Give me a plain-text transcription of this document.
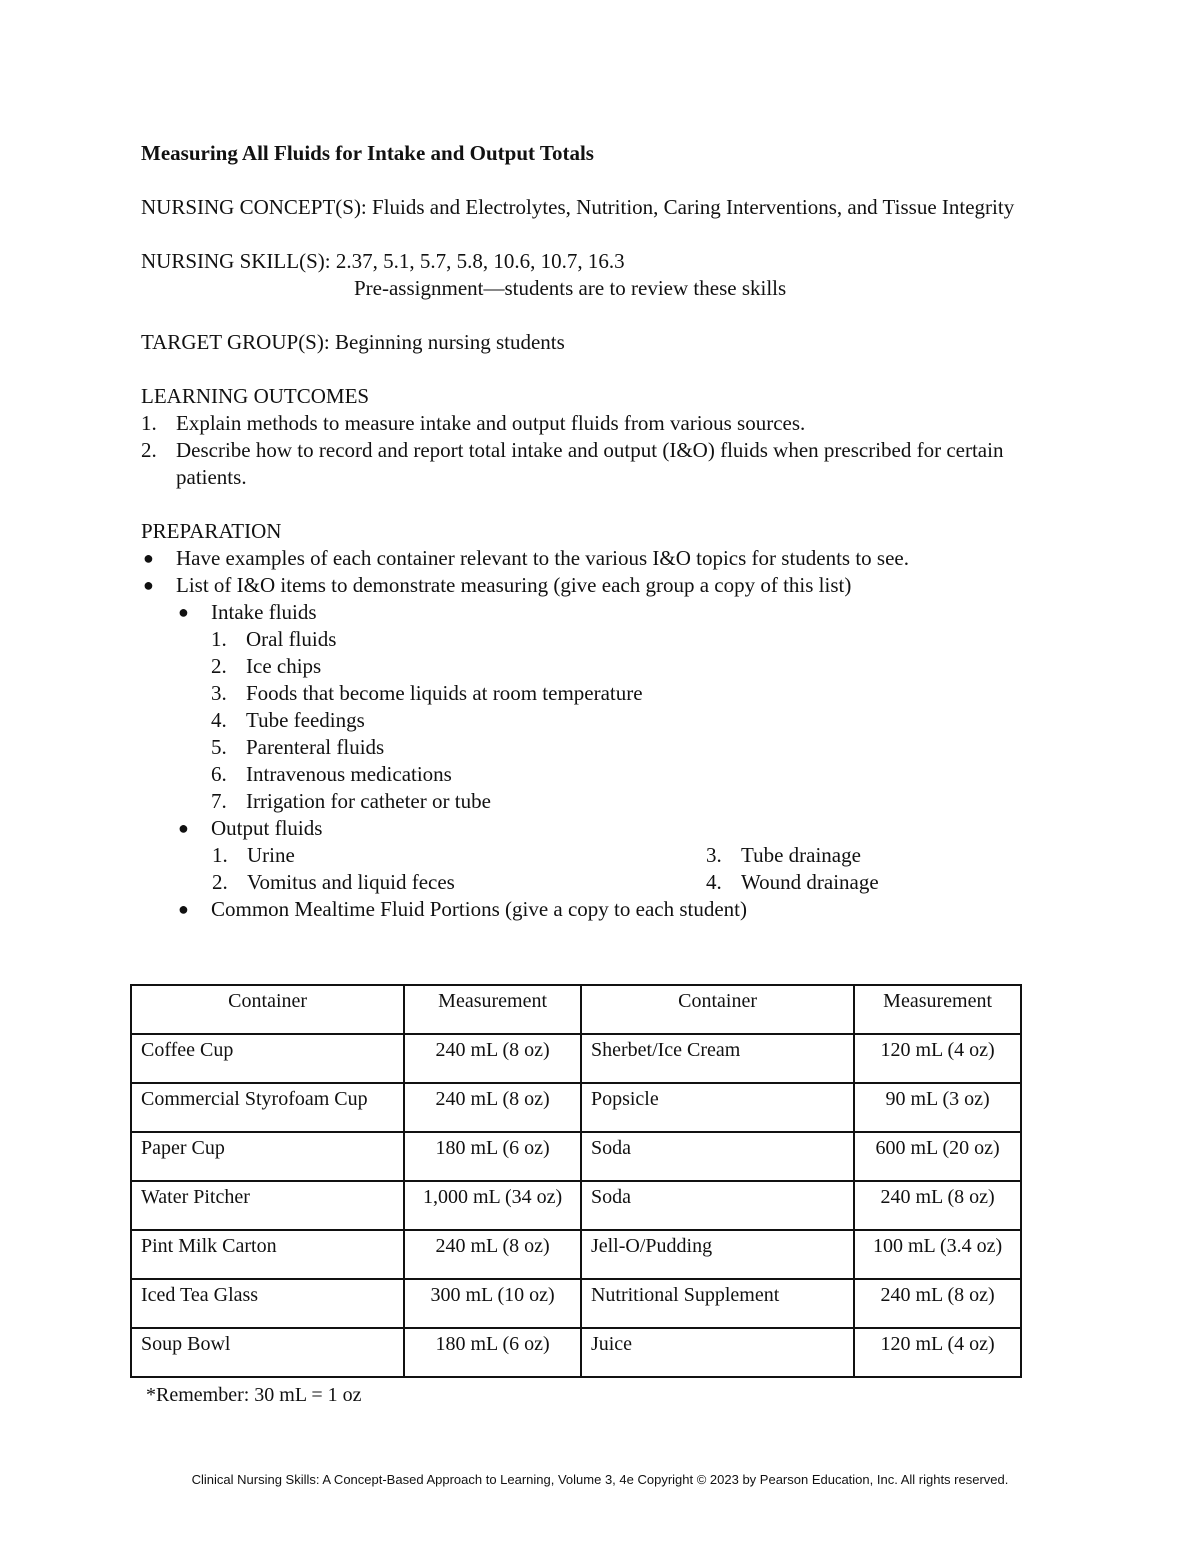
Measuring All Fluids for Intake and Output Totals

NURSING CONCEPT(S): Fluids and Electrolytes, Nutrition, Caring Interventions, and Tissue Integrity

NURSING SKILL(S): 2.37, 5.1, 5.7, 5.8, 10.6, 10.7, 16.3

Pre-assignment—students are to review these skills

TARGET GROUP(S): Beginning nursing students

LEARNING OUTCOMES

1. Explain methods to measure intake and output fluids from various sources.
2. Describe how to record and report total intake and output (I&O) fluids when prescribed for certain patients.

PREPARATION

● Have examples of each container relevant to the various I&O topics for students to see.
● List of I&O items to demonstrate measuring (give each group a copy of this list)
● Intake fluids
1. Oral fluids
2. Ice chips
3. Foods that become liquids at room temperature
4. Tube feedings
5. Parenteral fluids
6. Intravenous medications
7. Irrigation for catheter or tube
● Output fluids
1. Urine
2. Vomitus and liquid feces
3. Tube drainage
4. Wound drainage
● Common Mealtime Fluid Portions (give a copy to each student)
Container	Measurement	Container	Measurement
Coffee Cup	240 mL (8 oz)	Sherbet/Ice Cream	120 mL (4 oz)
Commercial Styrofoam Cup	240 mL (8 oz)	Popsicle	90 mL (3 oz)
Paper Cup	180 mL (6 oz)	Soda	600 mL (20 oz)
Water Pitcher	1,000 mL (34 oz)	Soda	240 mL (8 oz)
Pint Milk Carton	240 mL (8 oz)	Jell-O/Pudding	100 mL (3.4 oz)
Iced Tea Glass	300 mL (10 oz)	Nutritional Supplement	240 mL (8 oz)
Soup Bowl	180 mL (6 oz)	Juice	120 mL (4 oz)
*Remember: 30 mL = 1 oz
Clinical Nursing Skills: A Concept-Based Approach to Learning, Volume 3, 4e Copyright © 2023 by Pearson Education, Inc. All rights reserved.
